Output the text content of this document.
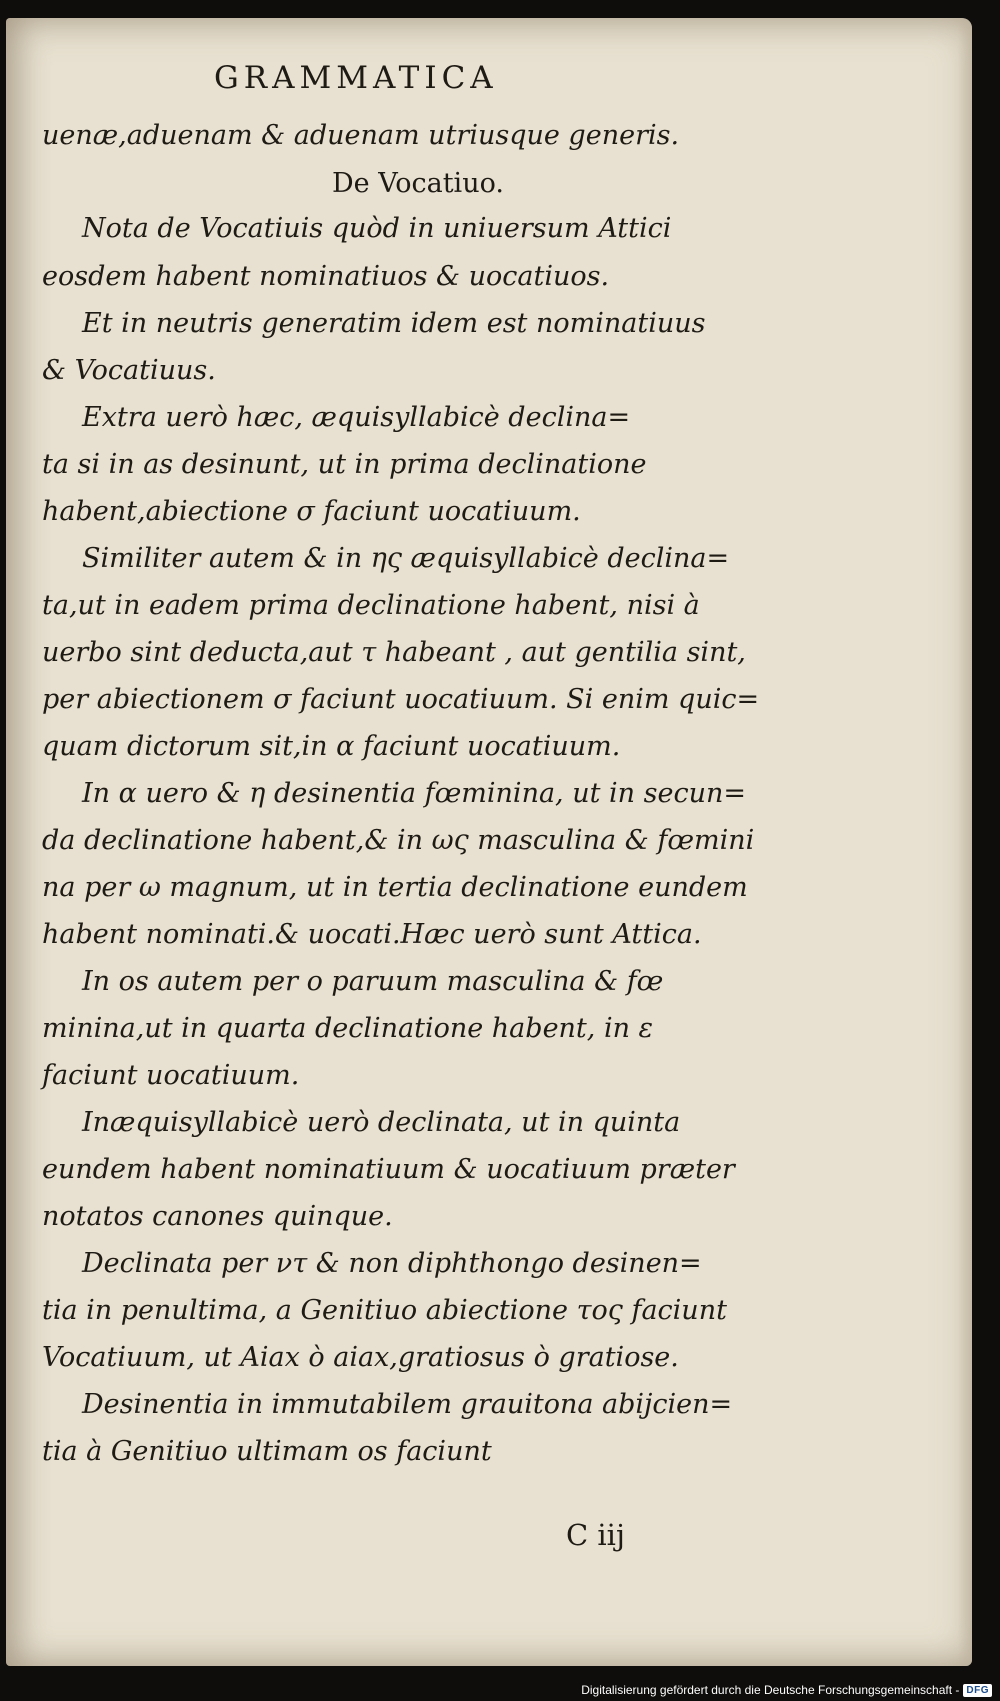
GRAMMATICA
uenæ,aduenam & aduenam utriusque generis.
De Vocatiuo.
Nota de Vocatiuis quòd in uniuersum Attici
eosdem habent nominatiuos & uocatiuos.
Et in neutris generatim idem est nominatiuus
& Vocatiuus.
Extra uerò hæc, æquisyllabicè declina=
ta si in as desinunt, ut in prima declinatione
habent,abiectione σ faciunt uocatiuum.
Similiter autem & in ης æquisyllabicè declina=
ta,ut in eadem prima declinatione habent, nisi à
uerbo sint deducta,aut τ habeant , aut gentilia sint,
per abiectionem σ faciunt uocatiuum. Si enim quic=
quam dictorum sit,in α faciunt uocatiuum.
In α uero & η desinentia fœminina, ut in secun=
da declinatione habent,& in ως masculina & fœmini
na per ω magnum, ut in tertia declinatione eundem
habent nominati.& uocati.Hæc uerò sunt Attica.
In os autem per o paruum masculina & fœ
minina,ut in quarta declinatione habent, in ε
faciunt uocatiuum.
Inæquisyllabicè uerò declinata, ut in quinta
eundem habent nominatiuum & uocatiuum præter
notatos canones quinque.
Declinata per ντ & non diphthongo desinen=
tia in penultima, a Genitiuo abiectione τος faciunt
Vocatiuum, ut Aiax ò aiax,gratiosus ò gratiose.
Desinentia in immutabilem grauitona abijcien=
tia à Genitiuo ultimam os faciunt
C iij
Digitalisierung gefördert durch die Deutsche Forschungsgemeinschaft - DFG
